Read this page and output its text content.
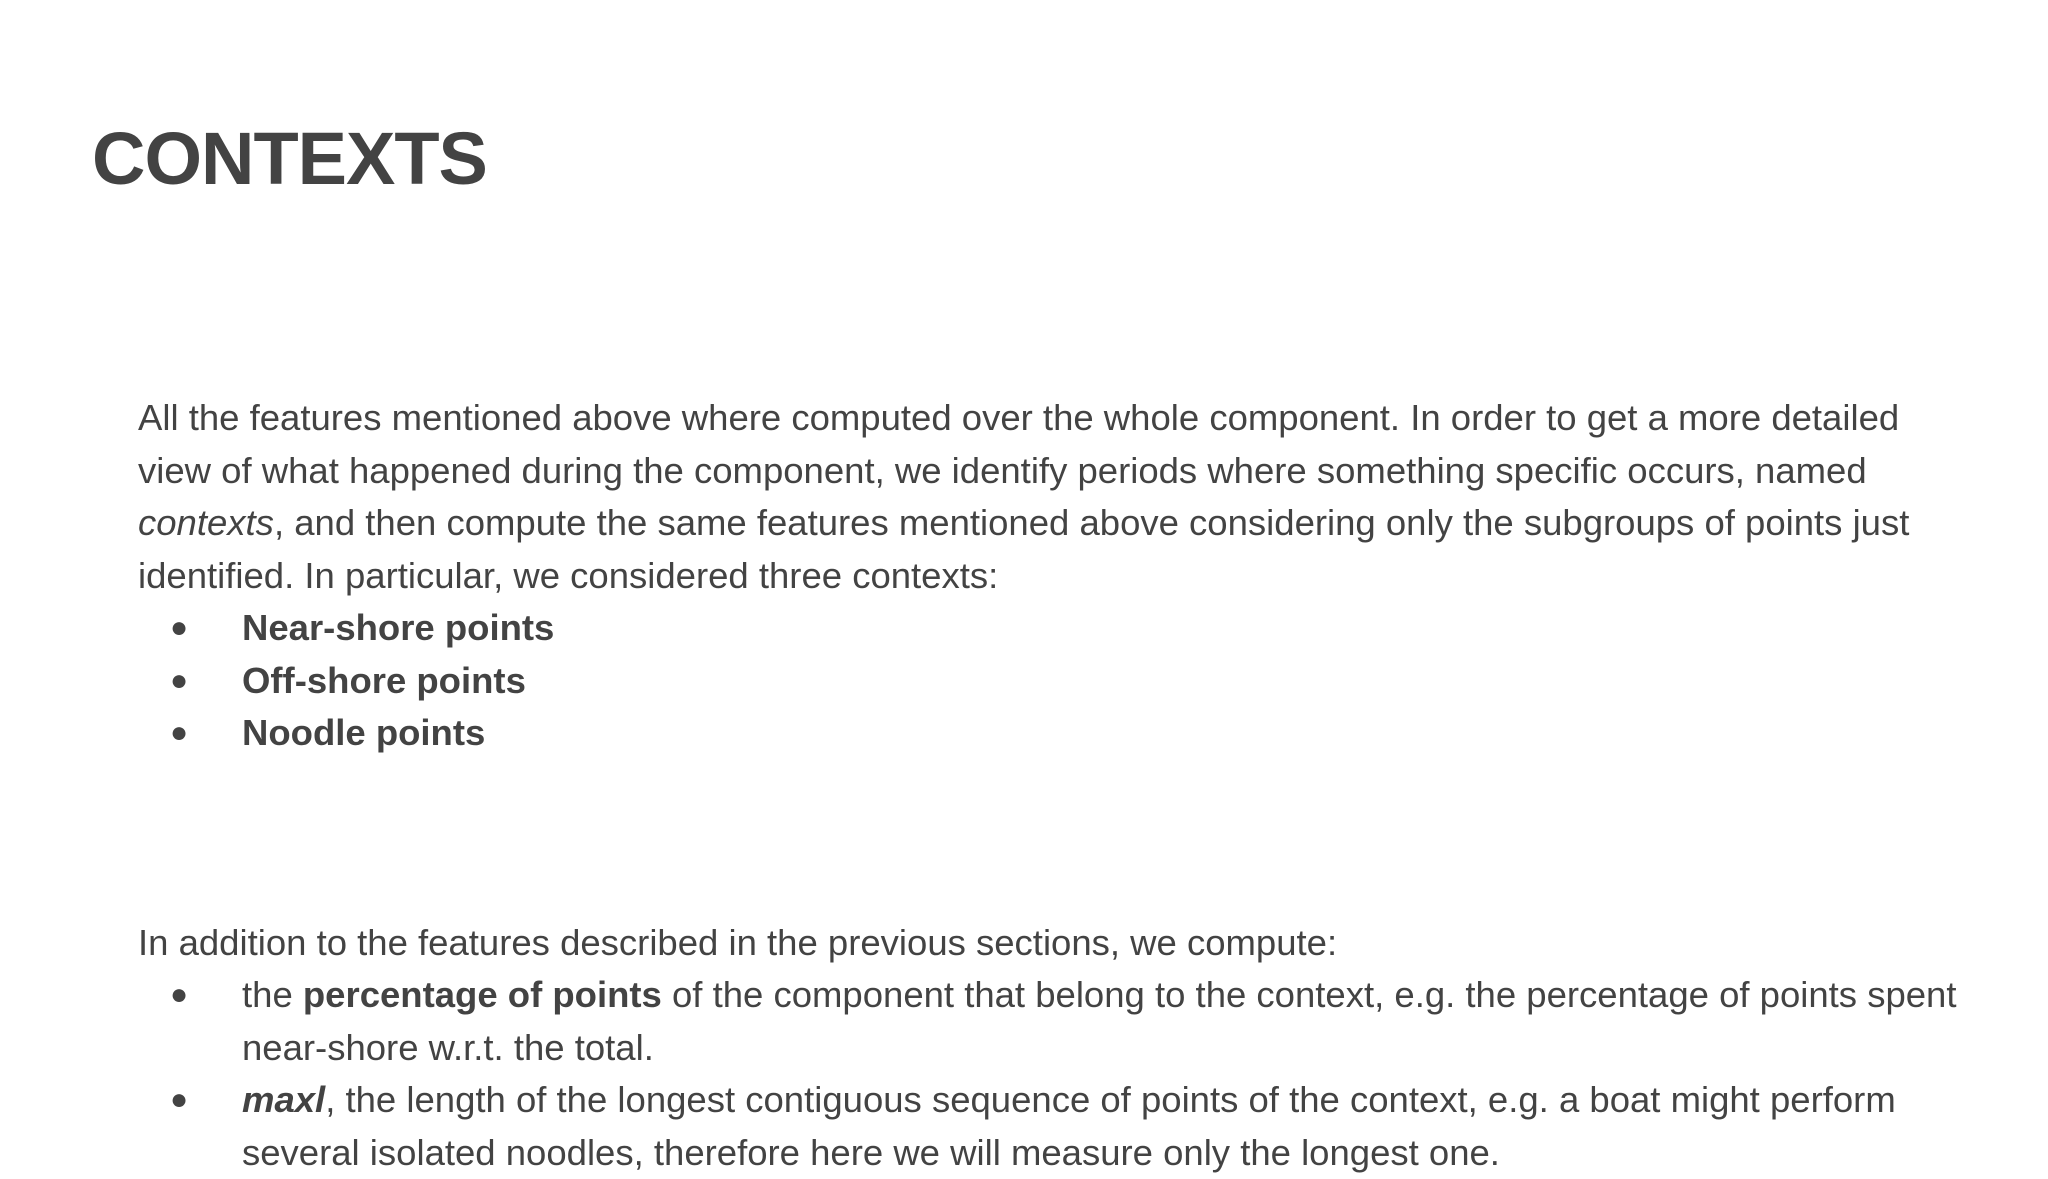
CONTEXTS

All the features mentioned above where computed over the whole component. In order to get a more detailed view of what happened during the component, we identify periods where something specific occurs, named contexts, and then compute the same features mentioned above considering only the subgroups of points just identified. In particular, we considered three contexts:

● Near-shore points
● Off-shore points
● Noodle points

In addition to the features described in the previous sections, we compute:

● the percentage of points of the component that belong to the context, e.g. the percentage of points spent near-shore w.r.t. the total.
● maxl, the length of the longest contiguous sequence of points of the context, e.g. a boat might perform several isolated noodles, therefore here we will measure only the longest one.
